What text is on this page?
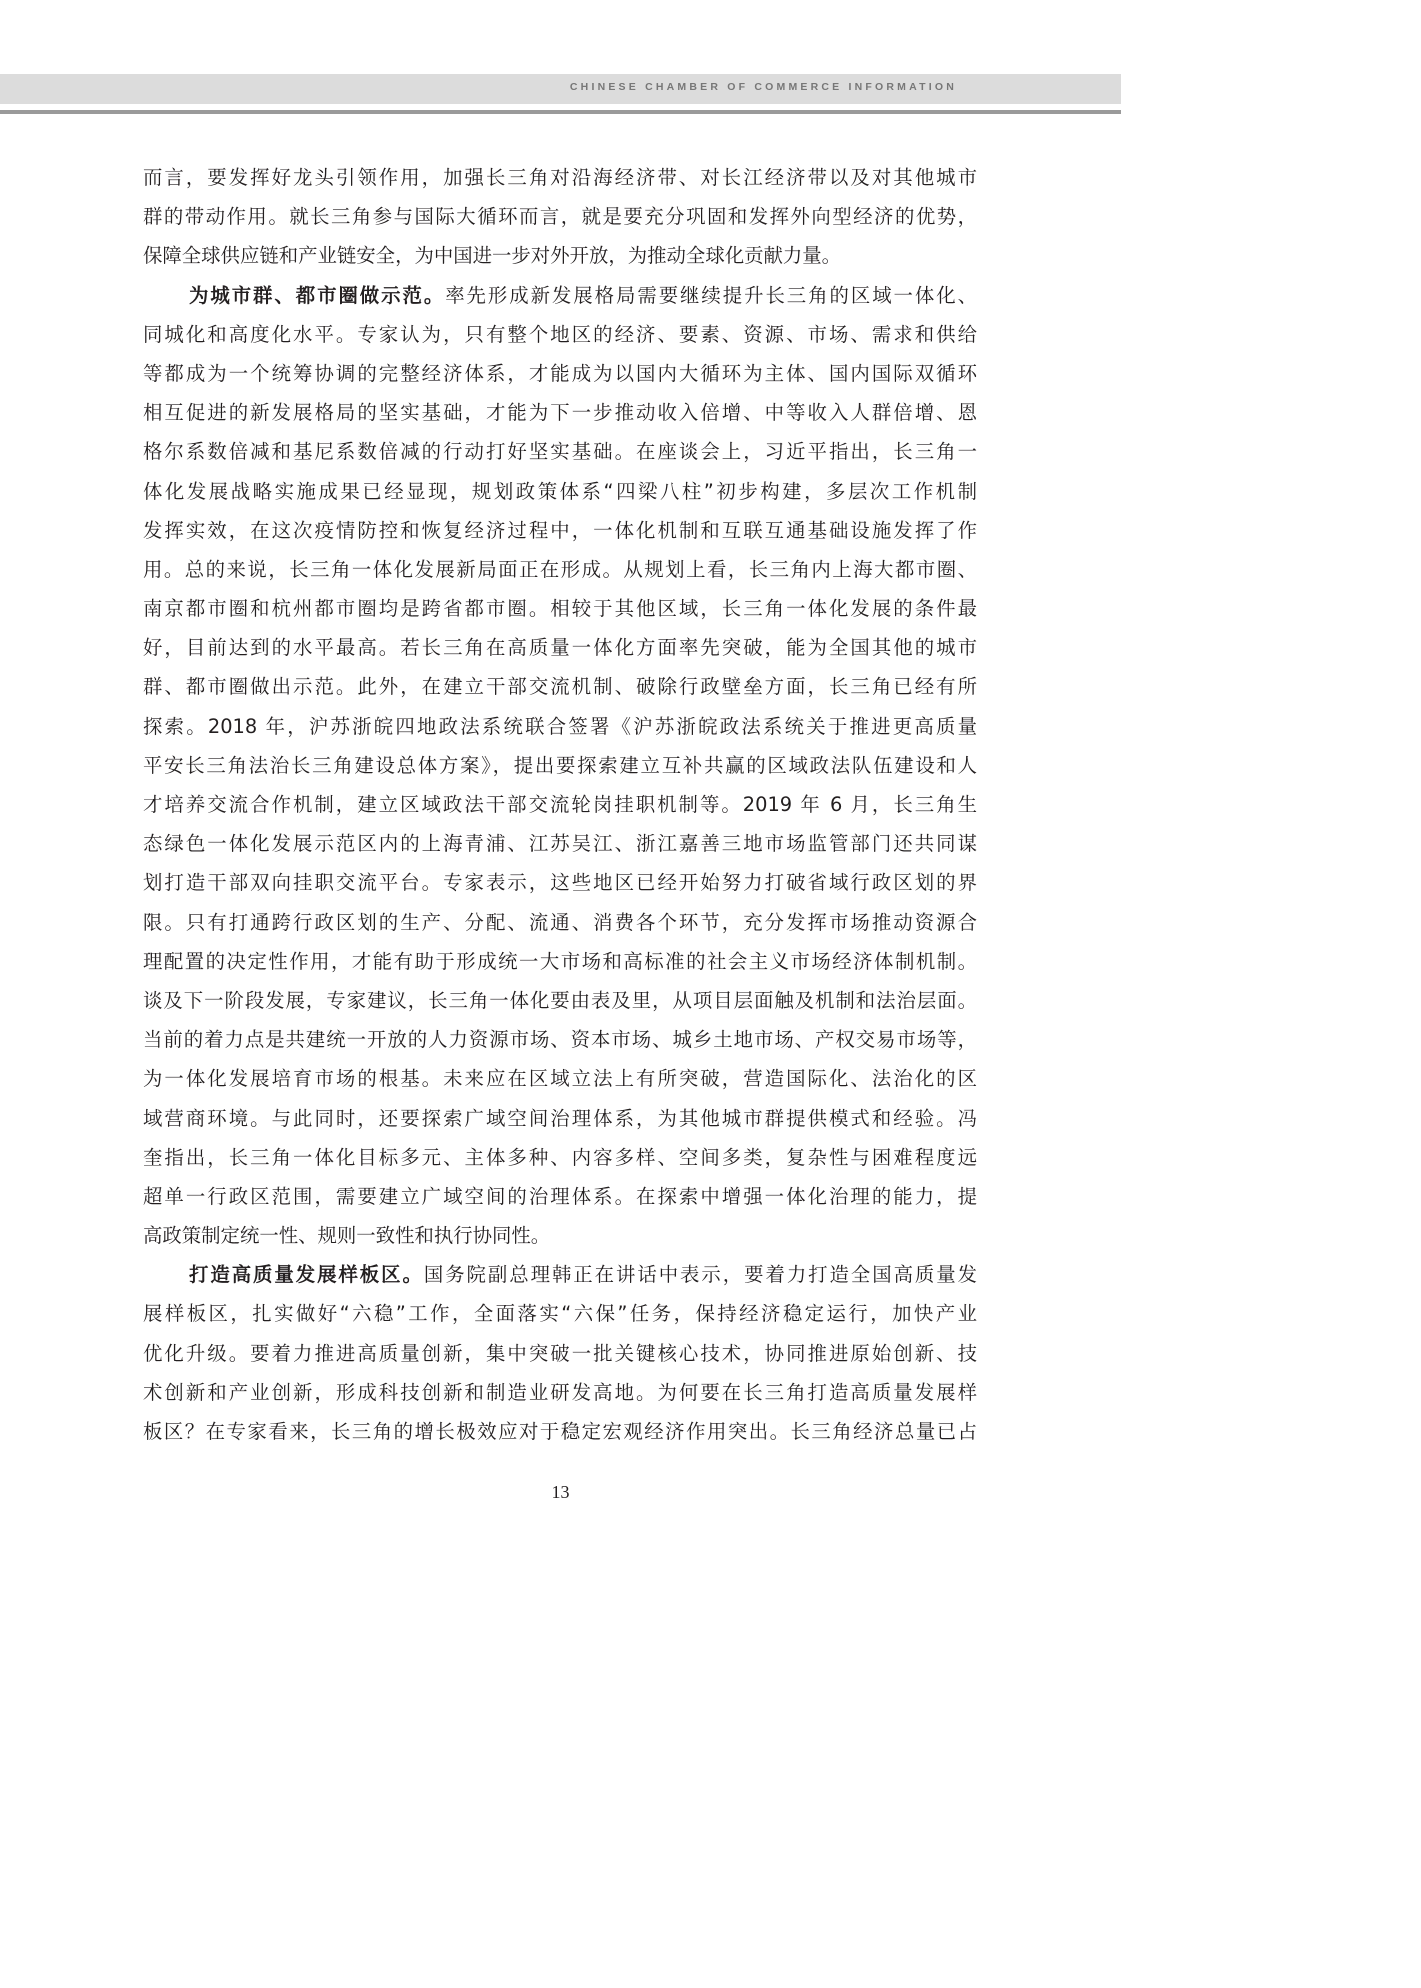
CHINESE CHAMBER OF COMMERCE INFORMATION
而言，要发挥好龙头引领作用，加强长三角对沿海经济带、对长江经济带以及对其他城市
群的带动作用。就长三角参与国际大循环而言，就是要充分巩固和发挥外向型经济的优势，
保障全球供应链和产业链安全，为中国进一步对外开放，为推动全球化贡献力量。
为城市群、都市圈做示范。率先形成新发展格局需要继续提升长三角的区域一体化、
同城化和高度化水平。专家认为，只有整个地区的经济、要素、资源、市场、需求和供给
等都成为一个统筹协调的完整经济体系，才能成为以国内大循环为主体、国内国际双循环
相互促进的新发展格局的坚实基础，才能为下一步推动收入倍增、中等收入人群倍增、恩
格尔系数倍减和基尼系数倍减的行动打好坚实基础。在座谈会上，习近平指出，长三角一
体化发展战略实施成果已经显现，规划政策体系“四梁八柱”初步构建，多层次工作机制
发挥实效，在这次疫情防控和恢复经济过程中，一体化机制和互联互通基础设施发挥了作
用。总的来说，长三角一体化发展新局面正在形成。从规划上看，长三角内上海大都市圈、
南京都市圈和杭州都市圈均是跨省都市圈。相较于其他区域，长三角一体化发展的条件最
好，目前达到的水平最高。若长三角在高质量一体化方面率先突破，能为全国其他的城市
群、都市圈做出示范。此外，在建立干部交流机制、破除行政壁垒方面，长三角已经有所
探索。2018 年，沪苏浙皖四地政法系统联合签署《沪苏浙皖政法系统关于推进更高质量
平安长三角法治长三角建设总体方案》，提出要探索建立互补共赢的区域政法队伍建设和人
才培养交流合作机制，建立区域政法干部交流轮岗挂职机制等。2019 年 6 月，长三角生
态绿色一体化发展示范区内的上海青浦、江苏吴江、浙江嘉善三地市场监管部门还共同谋
划打造干部双向挂职交流平台。专家表示，这些地区已经开始努力打破省域行政区划的界
限。只有打通跨行政区划的生产、分配、流通、消费各个环节，充分发挥市场推动资源合
理配置的决定性作用，才能有助于形成统一大市场和高标准的社会主义市场经济体制机制。
谈及下一阶段发展，专家建议，长三角一体化要由表及里，从项目层面触及机制和法治层面。
当前的着力点是共建统一开放的人力资源市场、资本市场、城乡土地市场、产权交易市场等，
为一体化发展培育市场的根基。未来应在区域立法上有所突破，营造国际化、法治化的区
域营商环境。与此同时，还要探索广域空间治理体系，为其他城市群提供模式和经验。冯
奎指出，长三角一体化目标多元、主体多种、内容多样、空间多类，复杂性与困难程度远
超单一行政区范围，需要建立广域空间的治理体系。在探索中增强一体化治理的能力，提
高政策制定统一性、规则一致性和执行协同性。
打造高质量发展样板区。国务院副总理韩正在讲话中表示，要着力打造全国高质量发
展样板区，扎实做好“六稳”工作，全面落实“六保”任务，保持经济稳定运行，加快产业
优化升级。要着力推进高质量创新，集中突破一批关键核心技术，协同推进原始创新、技
术创新和产业创新，形成科技创新和制造业研发高地。为何要在长三角打造高质量发展样
板区？在专家看来，长三角的增长极效应对于稳定宏观经济作用突出。长三角经济总量已占
13
